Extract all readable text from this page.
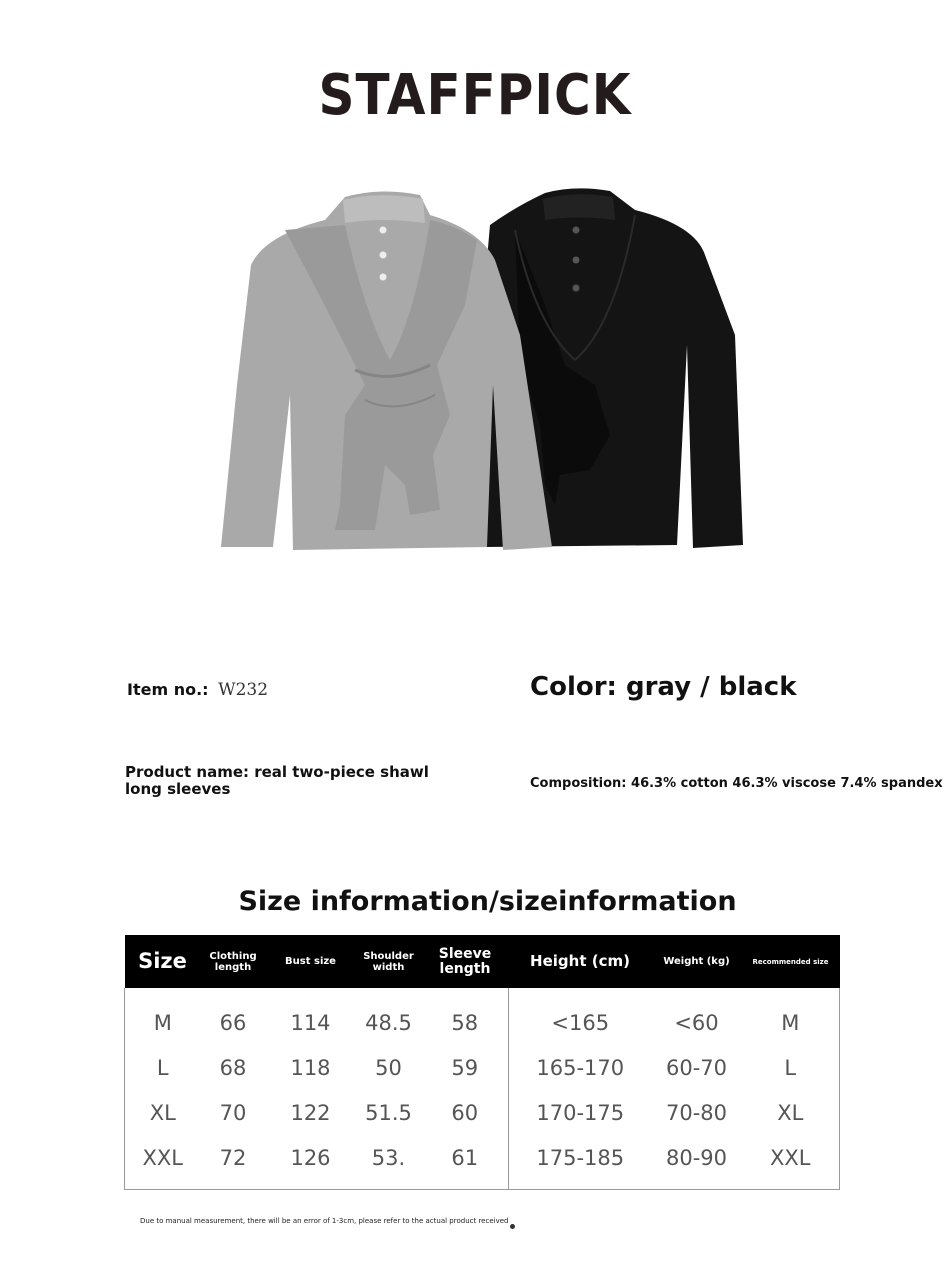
STAFFPICK
Item no.: W232	Color: gray / black
Product name: real two-piece shawl long sleeves	Composition: 46.3% cotton 46.3% viscose 7.4% spandex
Size information/sizeinformation
Size	Clothing length	Bust size	Shoulder width	Sleeve length	Height (cm)	Weight (kg)	Recommended size
M	66	114	48.5	58	<165	<60	M
L	68	118	50	59	165-170	60-70	L
XL	70	122	51.5	60	170-175	70-80	XL
XXL	72	126	53.	61	175-185	80-90	XXL
Due to manual measurement, there will be an error of 1-3cm, please refer to the actual product received
